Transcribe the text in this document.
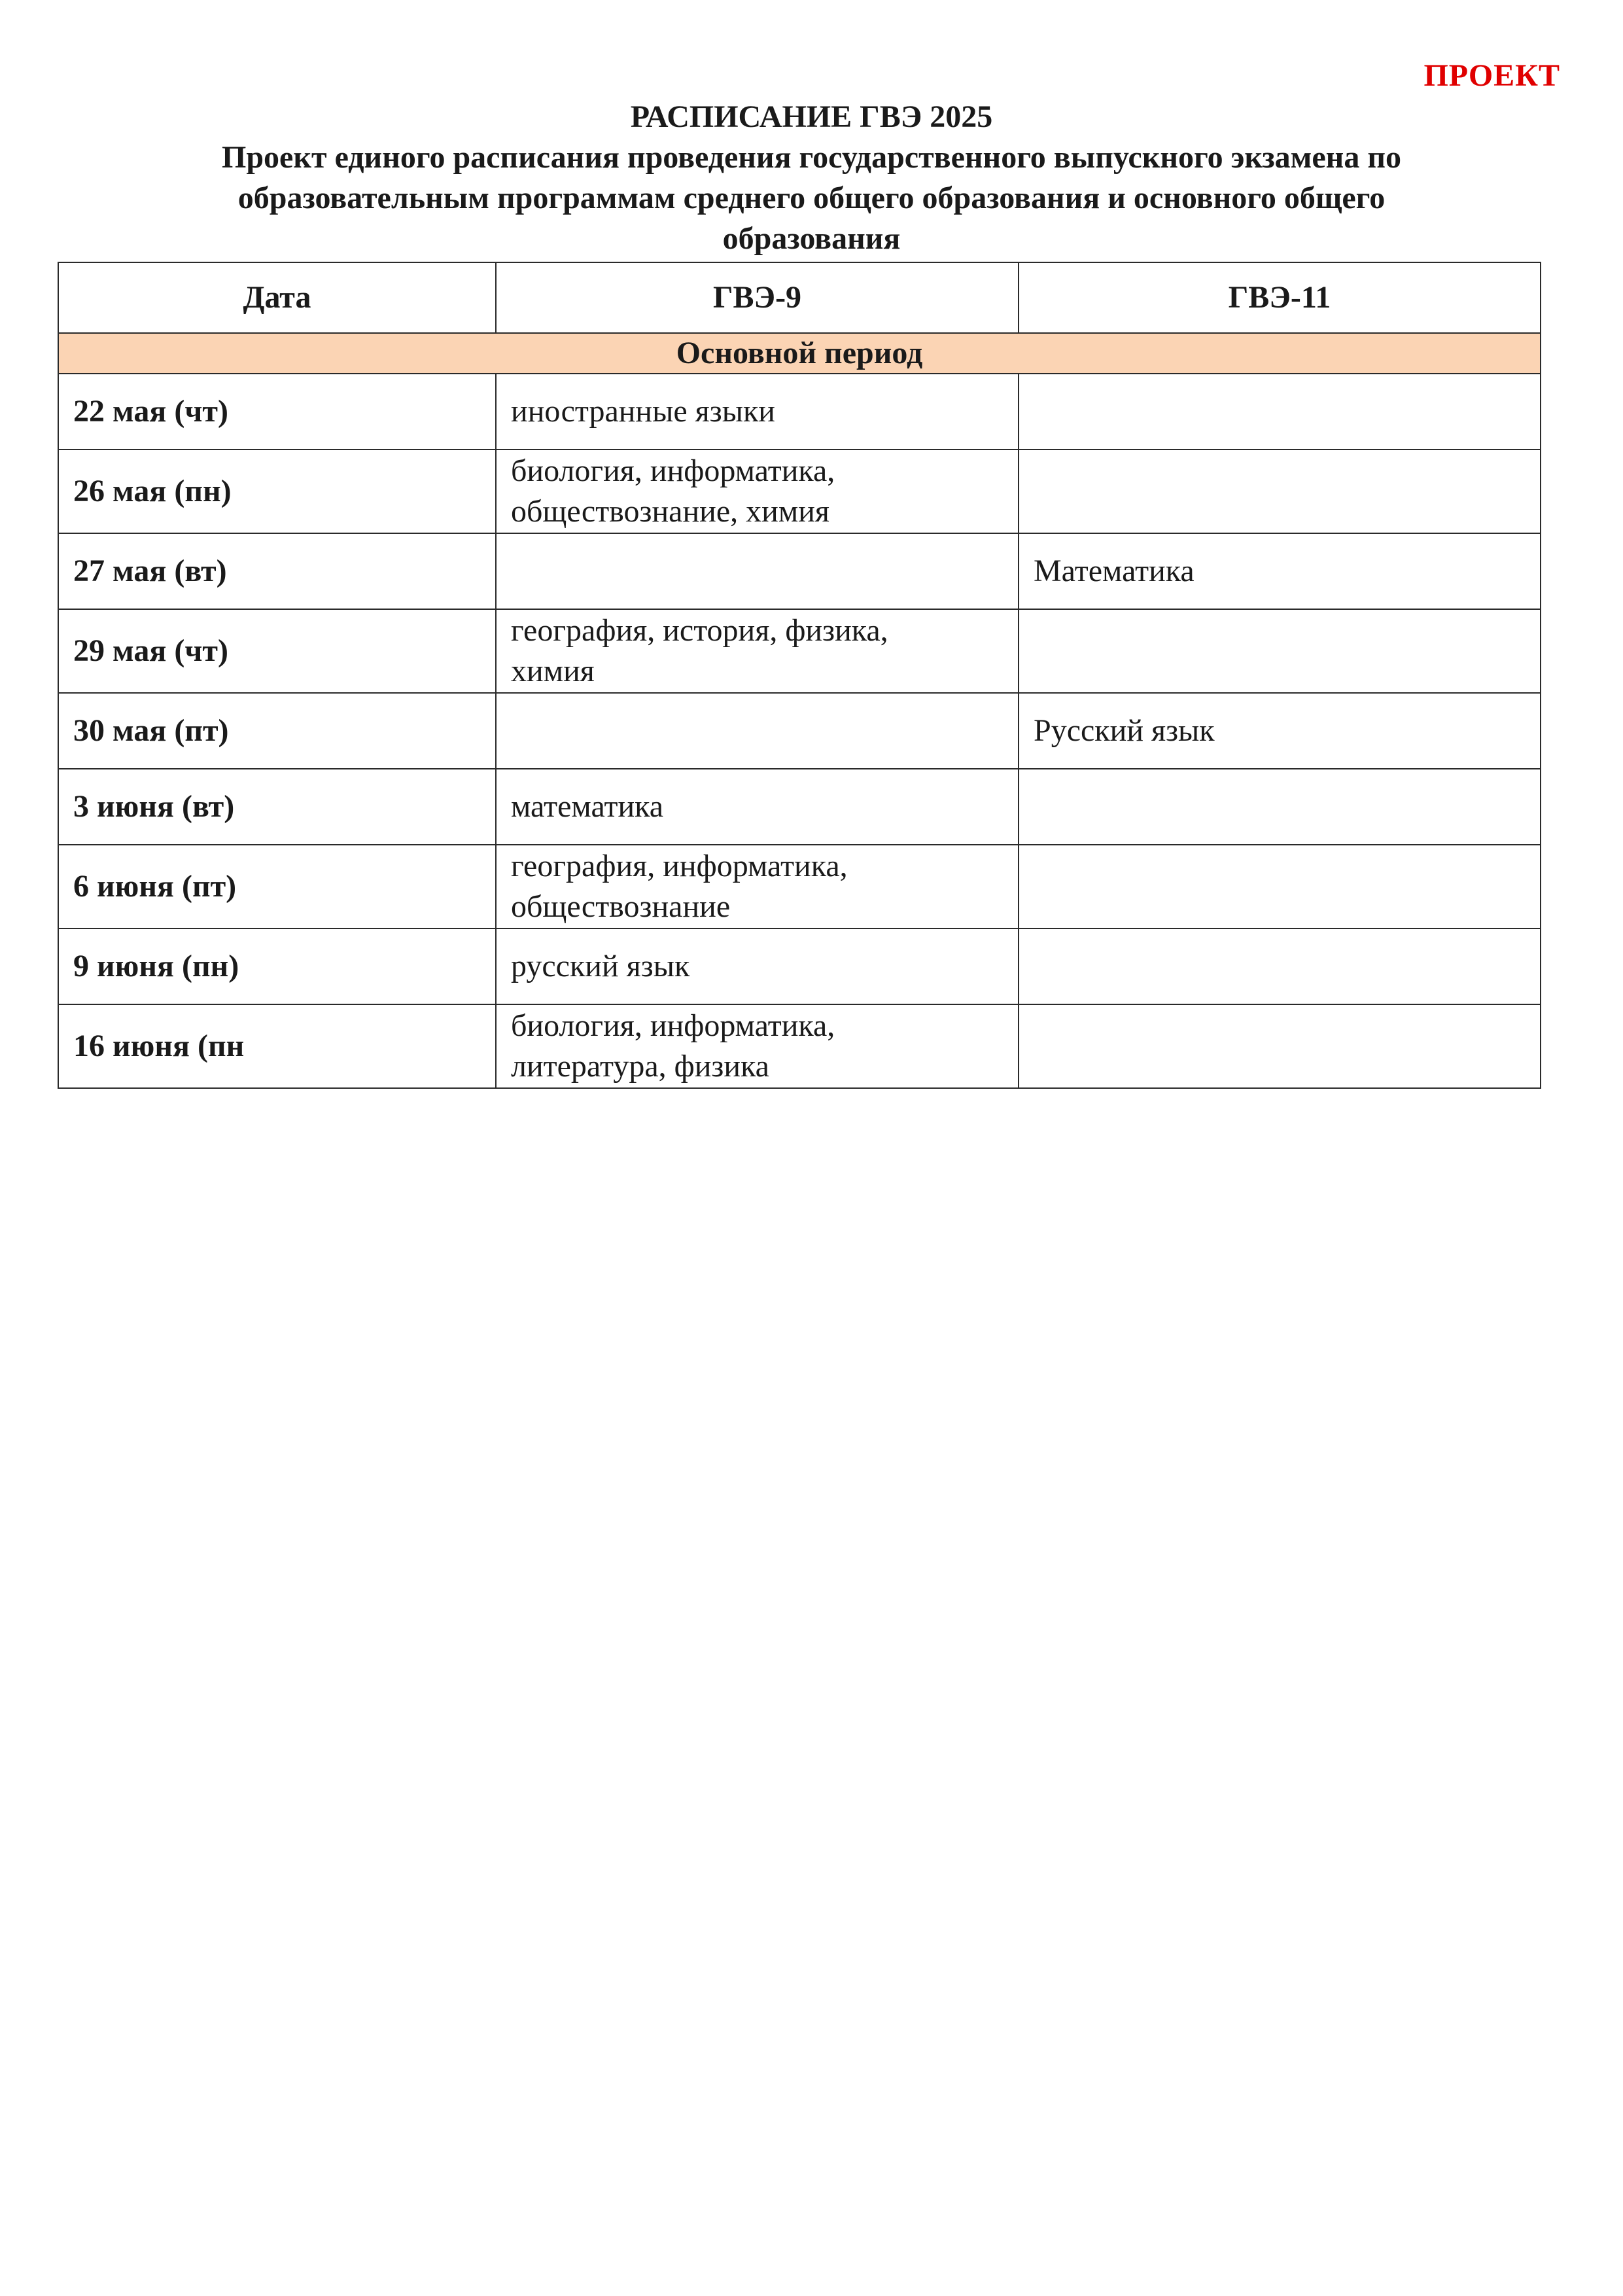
ПРОЕКТ
РАСПИСАНИЕ ГВЭ 2025
Проект единого расписания проведения государственного выпускного экзамена по
образовательным программам среднего общего образования и основного общего
образования
Дата	ГВЭ-9	ГВЭ-11
Основной период		
22 мая (чт)	иностранные языки	

26 мая (пн)	биология, информатика,
обществознание, химия	

27 мая (вт)		Математика

29 мая (чт)	география, история, физика,
химия	

30 мая (пт)		Русский язык

3 июня (вт)	математика	

6 июня (пт)	география, информатика,
обществознание	

9 июня (пн)	русский язык	

16 июня (пн	биология, информатика,
литература, физика	
